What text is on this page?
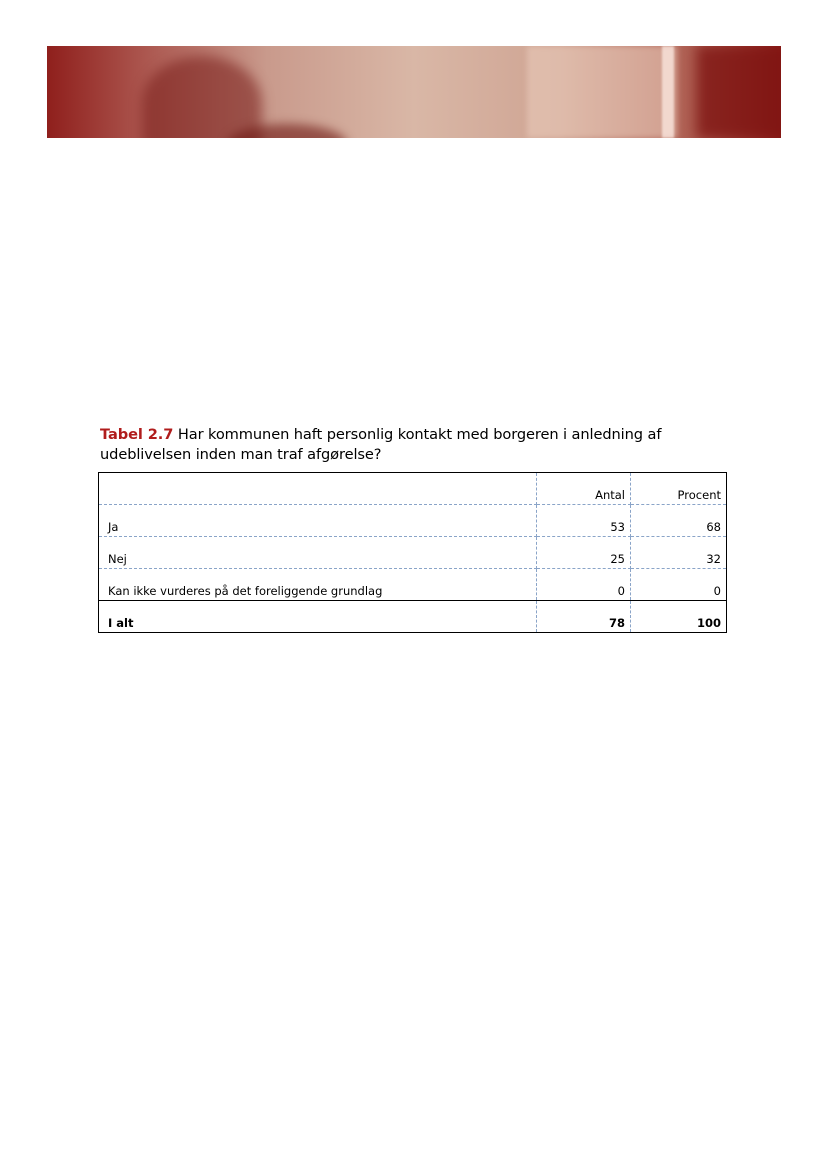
Tabel 2.7 Har kommunen haft personlig kontakt med borgeren i anledning af udeblivelsen inden man traf afgørelse?
	Antal	Procent
Ja	53	68
Nej	25	32
Kan ikke vurderes på det foreliggende grundlag	0	0
I alt	78	100
